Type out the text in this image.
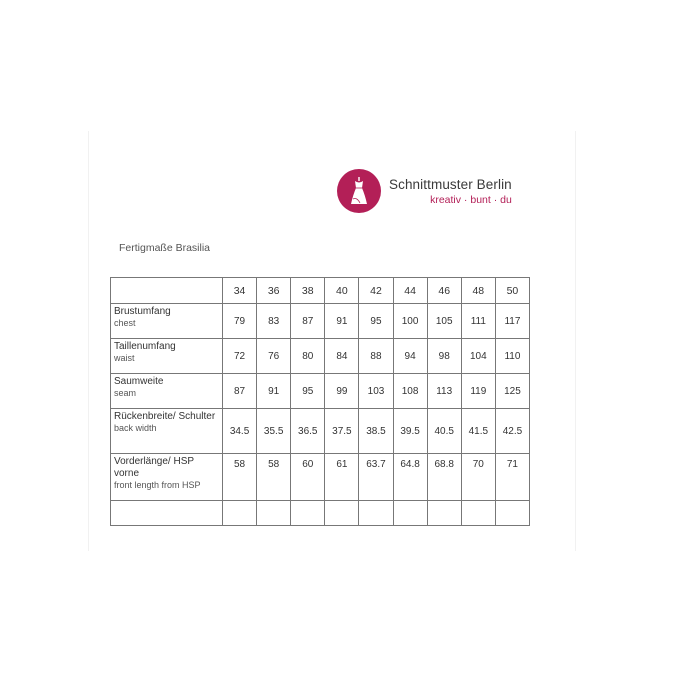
Schnittmuster Berlin
kreativ · bunt · du
Fertigmaße Brasilia
	34	36	38	40	42	44	46	48	50

Brustumfang
chest	79	83	87	91	95	100	105	111	117

Taillenumfang
waist	72	76	80	84	88	94	98	104	110

Saumweite
seam	87	91	95	99	103	108	113	119	125

Rückenbreite/ Schulter
back width	34.5	35.5	36.5	37.5	38.5	39.5	40.5	41.5	42.5

Vorderlänge/ HSP vorne
front length from HSP	58	58	60	61	63.7	64.8	68.8	70	71
